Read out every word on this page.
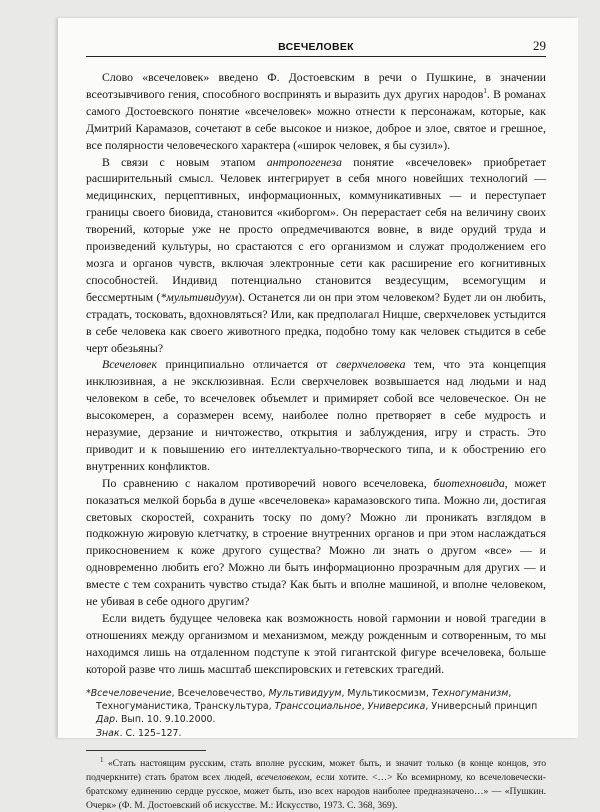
ВСЕЧЕЛОВЕК	29

Слово «всечеловек» введено Ф. Достоевским в речи о Пушкине, в значении всеотзывчивого гения, способного воспринять и выразить дух других народов$^1$. В романах самого Достоевского понятие «всечеловек» можно отнести к персонажам, которые, как Дмитрий Карамазов, сочетают в себе высокое и низкое, доброе и злое, святое и грешное, все полярности человеческого характера («широк человек, я бы сузил»).

В связи с новым этапом антропогенеза понятие «всечеловек» приобретает расширительный смысл. Человек интегрирует в себя много новейших технологий — медицинских, перцептивных, информационных, коммуникативных — и переступает границы своего биовида, становится «киборгом». Он перерастает себя на величину своих творений, которые уже не просто опредмечиваются вовне, в виде орудий труда и произведений культуры, но срастаются с его организмом и служат продолжением его мозга и органов чувств, включая электронные сети как расширение его когнитивных способностей. Индивид потенциально становится вездесущим, всемогущим и бессмертным (*мультивидуум). Останется ли он при этом человеком? Будет ли он любить, страдать, тосковать, вдохновляться? Или, как предполагал Ницше, сверхчеловек устыдится в себе человека как своего животного предка, подобно тому как человек стыдится в себе черт обезьяны?

Всечеловек принципиально отличается от сверхчеловека тем, что эта концепция инклюзивная, а не эксклюзивная. Если сверхчеловек возвышается над людьми и над человеком в себе, то всечеловек объемлет и примиряет собой все человеческое. Он не высокомерен, а соразмерен всему, наиболее полно претворяет в себе мудрость и неразумие, дерзание и ничтожество, открытия и заблуждения, игру и страсть. Это приводит и к повышению его интеллектуально-творческого типа, и к обострению его внутренних конфликтов.

По сравнению с накалом противоречий нового всечеловека, биотехновида, может показаться мелкой борьба в душе «всечеловека» карамазовского типа. Можно ли, достигая световых скоростей, сохранить тоску по дому? Можно ли проникать взглядом в подкожную жировую клетчатку, в строение внутренних органов и при этом наслаждаться прикосновением к коже другого существа? Можно ли знать о другом «все» — и одновременно любить его? Можно ли быть информационно прозрачным для других — и вместе с тем сохранить чувство стыда? Как быть и вполне машиной, и вполне человеком, не убивая в себе одного другим?

Если видеть будущее человека как возможность новой гармонии и новой трагедии в отношениях между организмом и механизмом, между рожденным и сотворенным, то мы находимся лишь на отдаленном подступе к этой гигантской фигуре всечеловека, больше которой разве что лишь масштаб шекспировских и гетевских трагедий.

*Всечеловечение, Всечеловечество, Мультивидуум, Мультикосмизм, Техногуманизм, Техногуманистика, Транскультура, Транссоциальное, Универсика, Универсный принцип
Дар. Вып. 10. 9.10.2000.
Знак. С. 125–127.

$^1$ «Стать настоящим русским, стать вполне русским, может быть, и значит только (в конце концов, это подчеркните) стать братом всех людей, всечеловеком, если хотите. <…> Ко всемирному, ко всечеловечески-братскому единению сердце русское, может быть, изо всех народов наиболее предназначено…» — «Пушкин. Очерк» (Ф. М. Достоевский об искусстве. М.: Искусство, 1973. С. 368, 369).
